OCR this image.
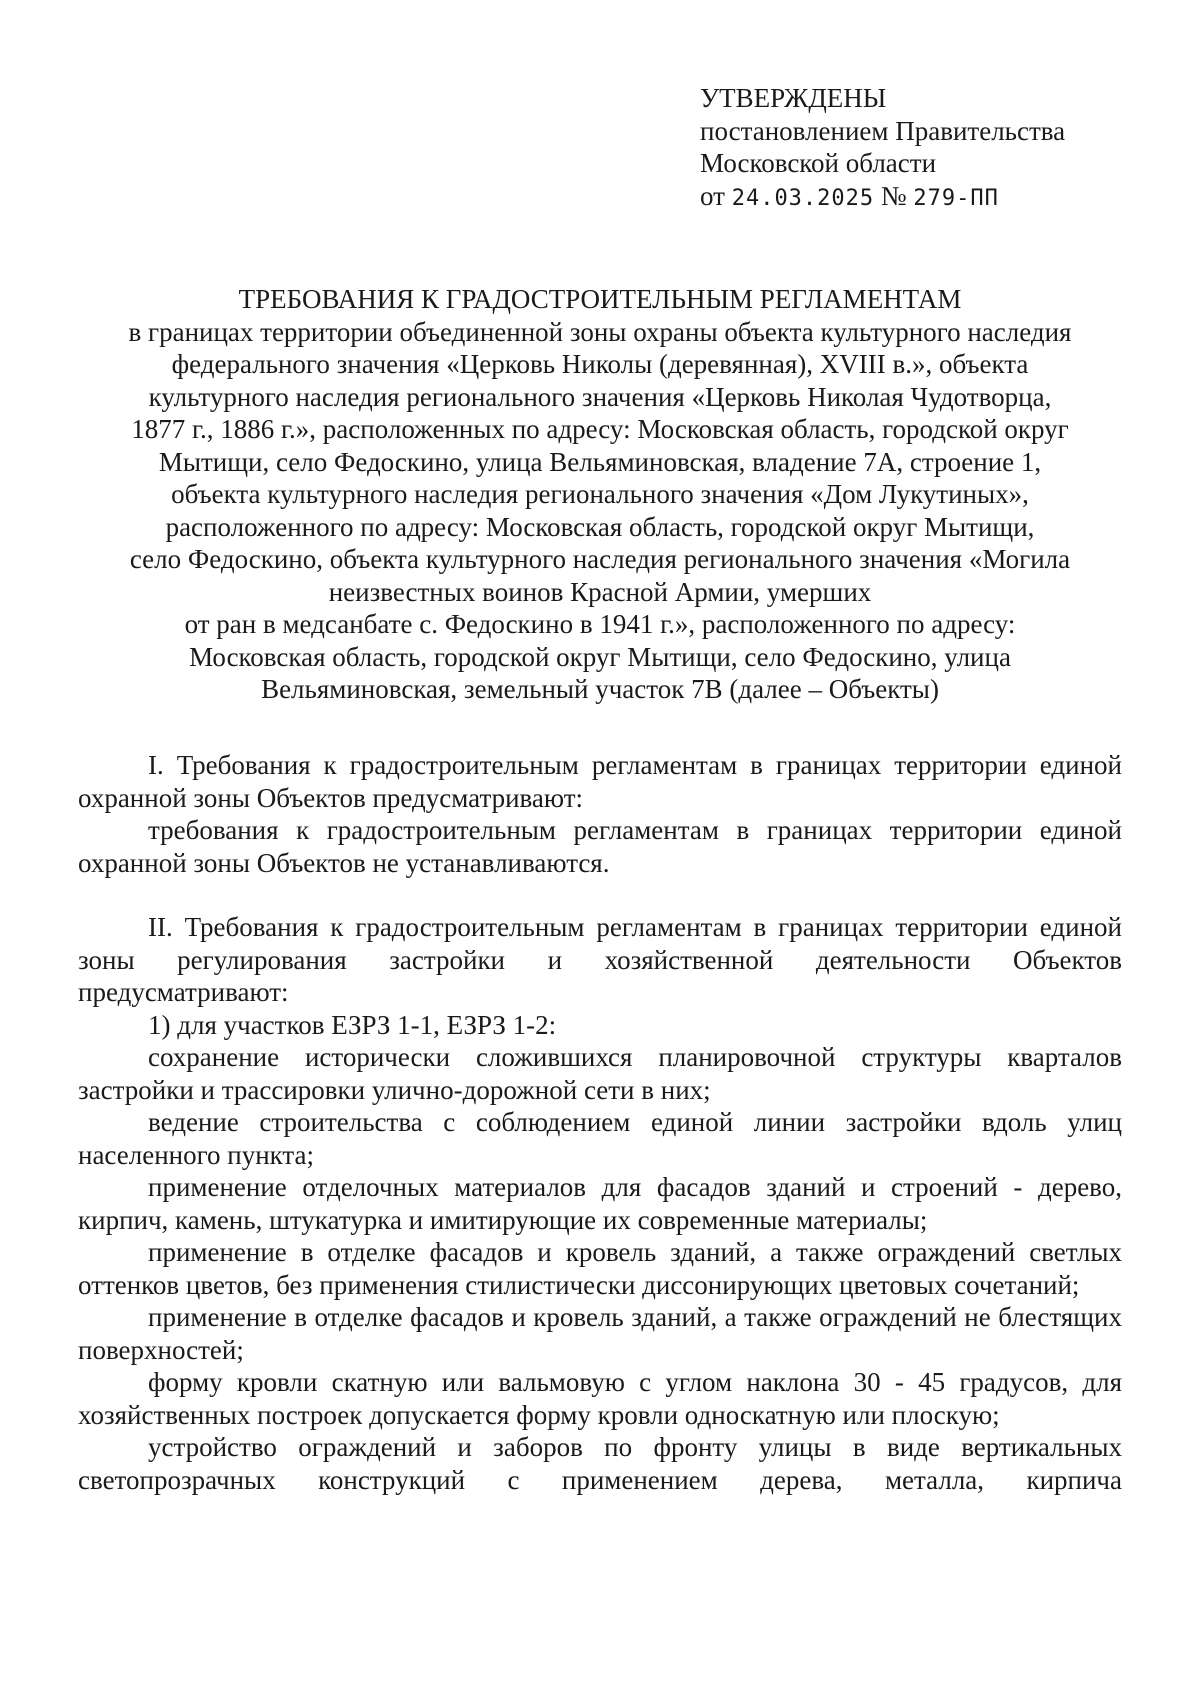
УТВЕРЖДЕНЫ
постановлением Правительства
Московской области
от 24.03.2025 № 279-ПП
ТРЕБОВАНИЯ К ГРАДОСТРОИТЕЛЬНЫМ РЕГЛАМЕНТАМ
в границах территории объединенной зоны охраны объекта культурного наследия
федерального значения «Церковь Николы (деревянная), XVIII в.», объекта
культурного наследия регионального значения «Церковь Николая Чудотворца,
1877 г., 1886 г.», расположенных по адресу: Московская область, городской округ
Мытищи, село Федоскино, улица Вельяминовская, владение 7А, строение 1,
объекта культурного наследия регионального значения «Дом Лукутиных»,
расположенного по адресу: Московская область, городской округ Мытищи,
село Федоскино, объекта культурного наследия регионального значения «Могила
неизвестных воинов Красной Армии, умерших
от ран в медсанбате с. Федоскино в 1941 г.», расположенного по адресу:
Московская область, городской округ Мытищи, село Федоскино, улица
Вельяминовская, земельный участок 7В (далее – Объекты)
I. Требования к градостроительным регламентам в границах территории единой охранной зоны Объектов предусматривают:
требования к градостроительным регламентам в границах территории единой охранной зоны Объектов не устанавливаются.
II. Требования к градостроительным регламентам в границах территории единой зоны регулирования застройки и хозяйственной деятельности Объектов предусматривают:
1) для участков ЕЗРЗ 1-1, ЕЗРЗ 1-2:
сохранение исторически сложившихся планировочной структуры кварталов застройки и трассировки улично-дорожной сети в них;
ведение строительства с соблюдением единой линии застройки вдоль улиц населенного пункта;
применение отделочных материалов для фасадов зданий и строений - дерево, кирпич, камень, штукатурка и имитирующие их современные материалы;
применение в отделке фасадов и кровель зданий, а также ограждений светлых оттенков цветов, без применения стилистически диссонирующих цветовых сочетаний;
применение в отделке фасадов и кровель зданий, а также ограждений не блестящих поверхностей;
форму кровли скатную или вальмовую с углом наклона 30 - 45 градусов, для хозяйственных построек допускается форму кровли односкатную или плоскую;
устройство ограждений и заборов по фронту улицы в виде вертикальных светопрозрачных конструкций с применением дерева, металла, кирпича
